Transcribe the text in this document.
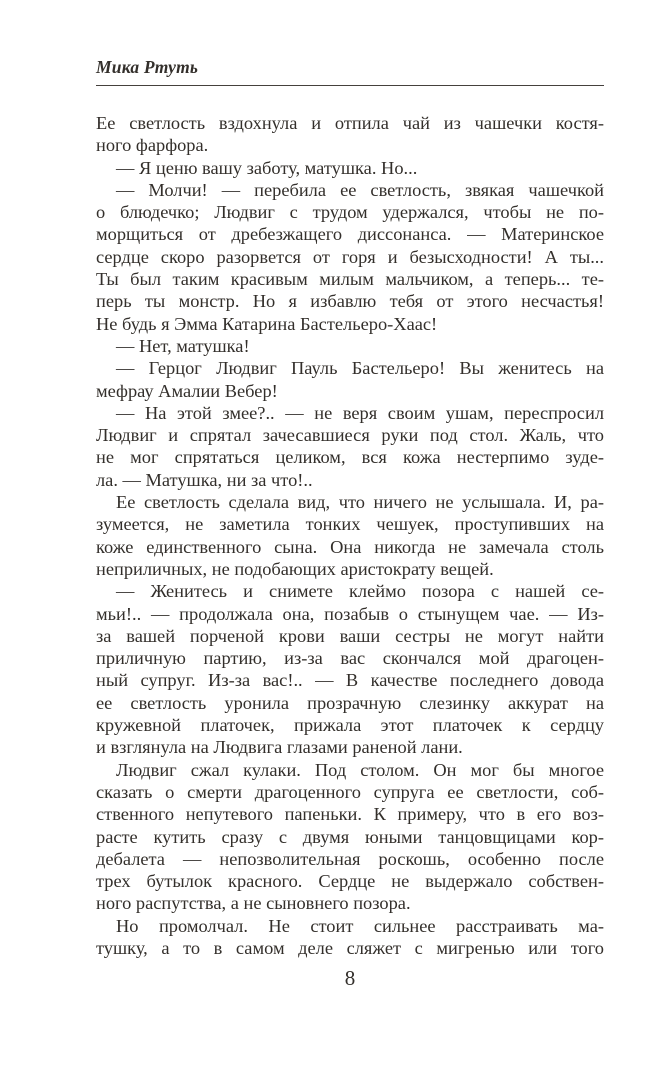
Мика Ртуть
Ее светлость вздохнула и отпила чай из чашечки костя-
ного фарфора.
— Я ценю вашу заботу, матушка. Но...
— Молчи! — перебила ее светлость, звякая чашечкой
о блюдечко; Людвиг с трудом удержался, чтобы не по-
морщиться от дребезжащего диссонанса. — Материнское
сердце скоро разорвется от горя и безысходности! А ты...
Ты был таким красивым милым мальчиком, а теперь... те-
перь ты монстр. Но я избавлю тебя от этого несчастья!
Не будь я Эмма Катарина Бастельеро-Хаас!
— Нет, матушка!
— Герцог Людвиг Пауль Бастельеро! Вы женитесь на
мефрау Амалии Вебер!
— На этой змее?.. — не веря своим ушам, переспросил
Людвиг и спрятал зачесавшиеся руки под стол. Жаль, что
не мог спрятаться целиком, вся кожа нестерпимо зуде-
ла. — Матушка, ни за что!..
Ее светлость сделала вид, что ничего не услышала. И, ра-
зумеется, не заметила тонких чешуек, проступивших на
коже единственного сына. Она никогда не замечала столь
неприличных, не подобающих аристократу вещей.
— Женитесь и снимете клеймо позора с нашей се-
мьи!.. — продолжала она, позабыв о стынущем чае. — Из-
за вашей порченой крови ваши сестры не могут найти
приличную партию, из-за вас скончался мой драгоцен-
ный супруг. Из-за вас!.. — В качестве последнего довода
ее светлость уронила прозрачную слезинку аккурат на
кружевной платочек, прижала этот платочек к сердцу
и взглянула на Людвига глазами раненой лани.
Людвиг сжал кулаки. Под столом. Он мог бы многое
сказать о смерти драгоценного супруга ее светлости, соб-
ственного непутевого папеньки. К примеру, что в его воз-
расте кутить сразу с двумя юными танцовщицами кор-
дебалета — непозволительная роскошь, особенно после
трех бутылок красного. Сердце не выдержало собствен-
ного распутства, а не сыновнего позора.
Но промолчал. Не стоит сильнее расстраивать ма-
тушку, а то в самом деле сляжет с мигренью или того
8
